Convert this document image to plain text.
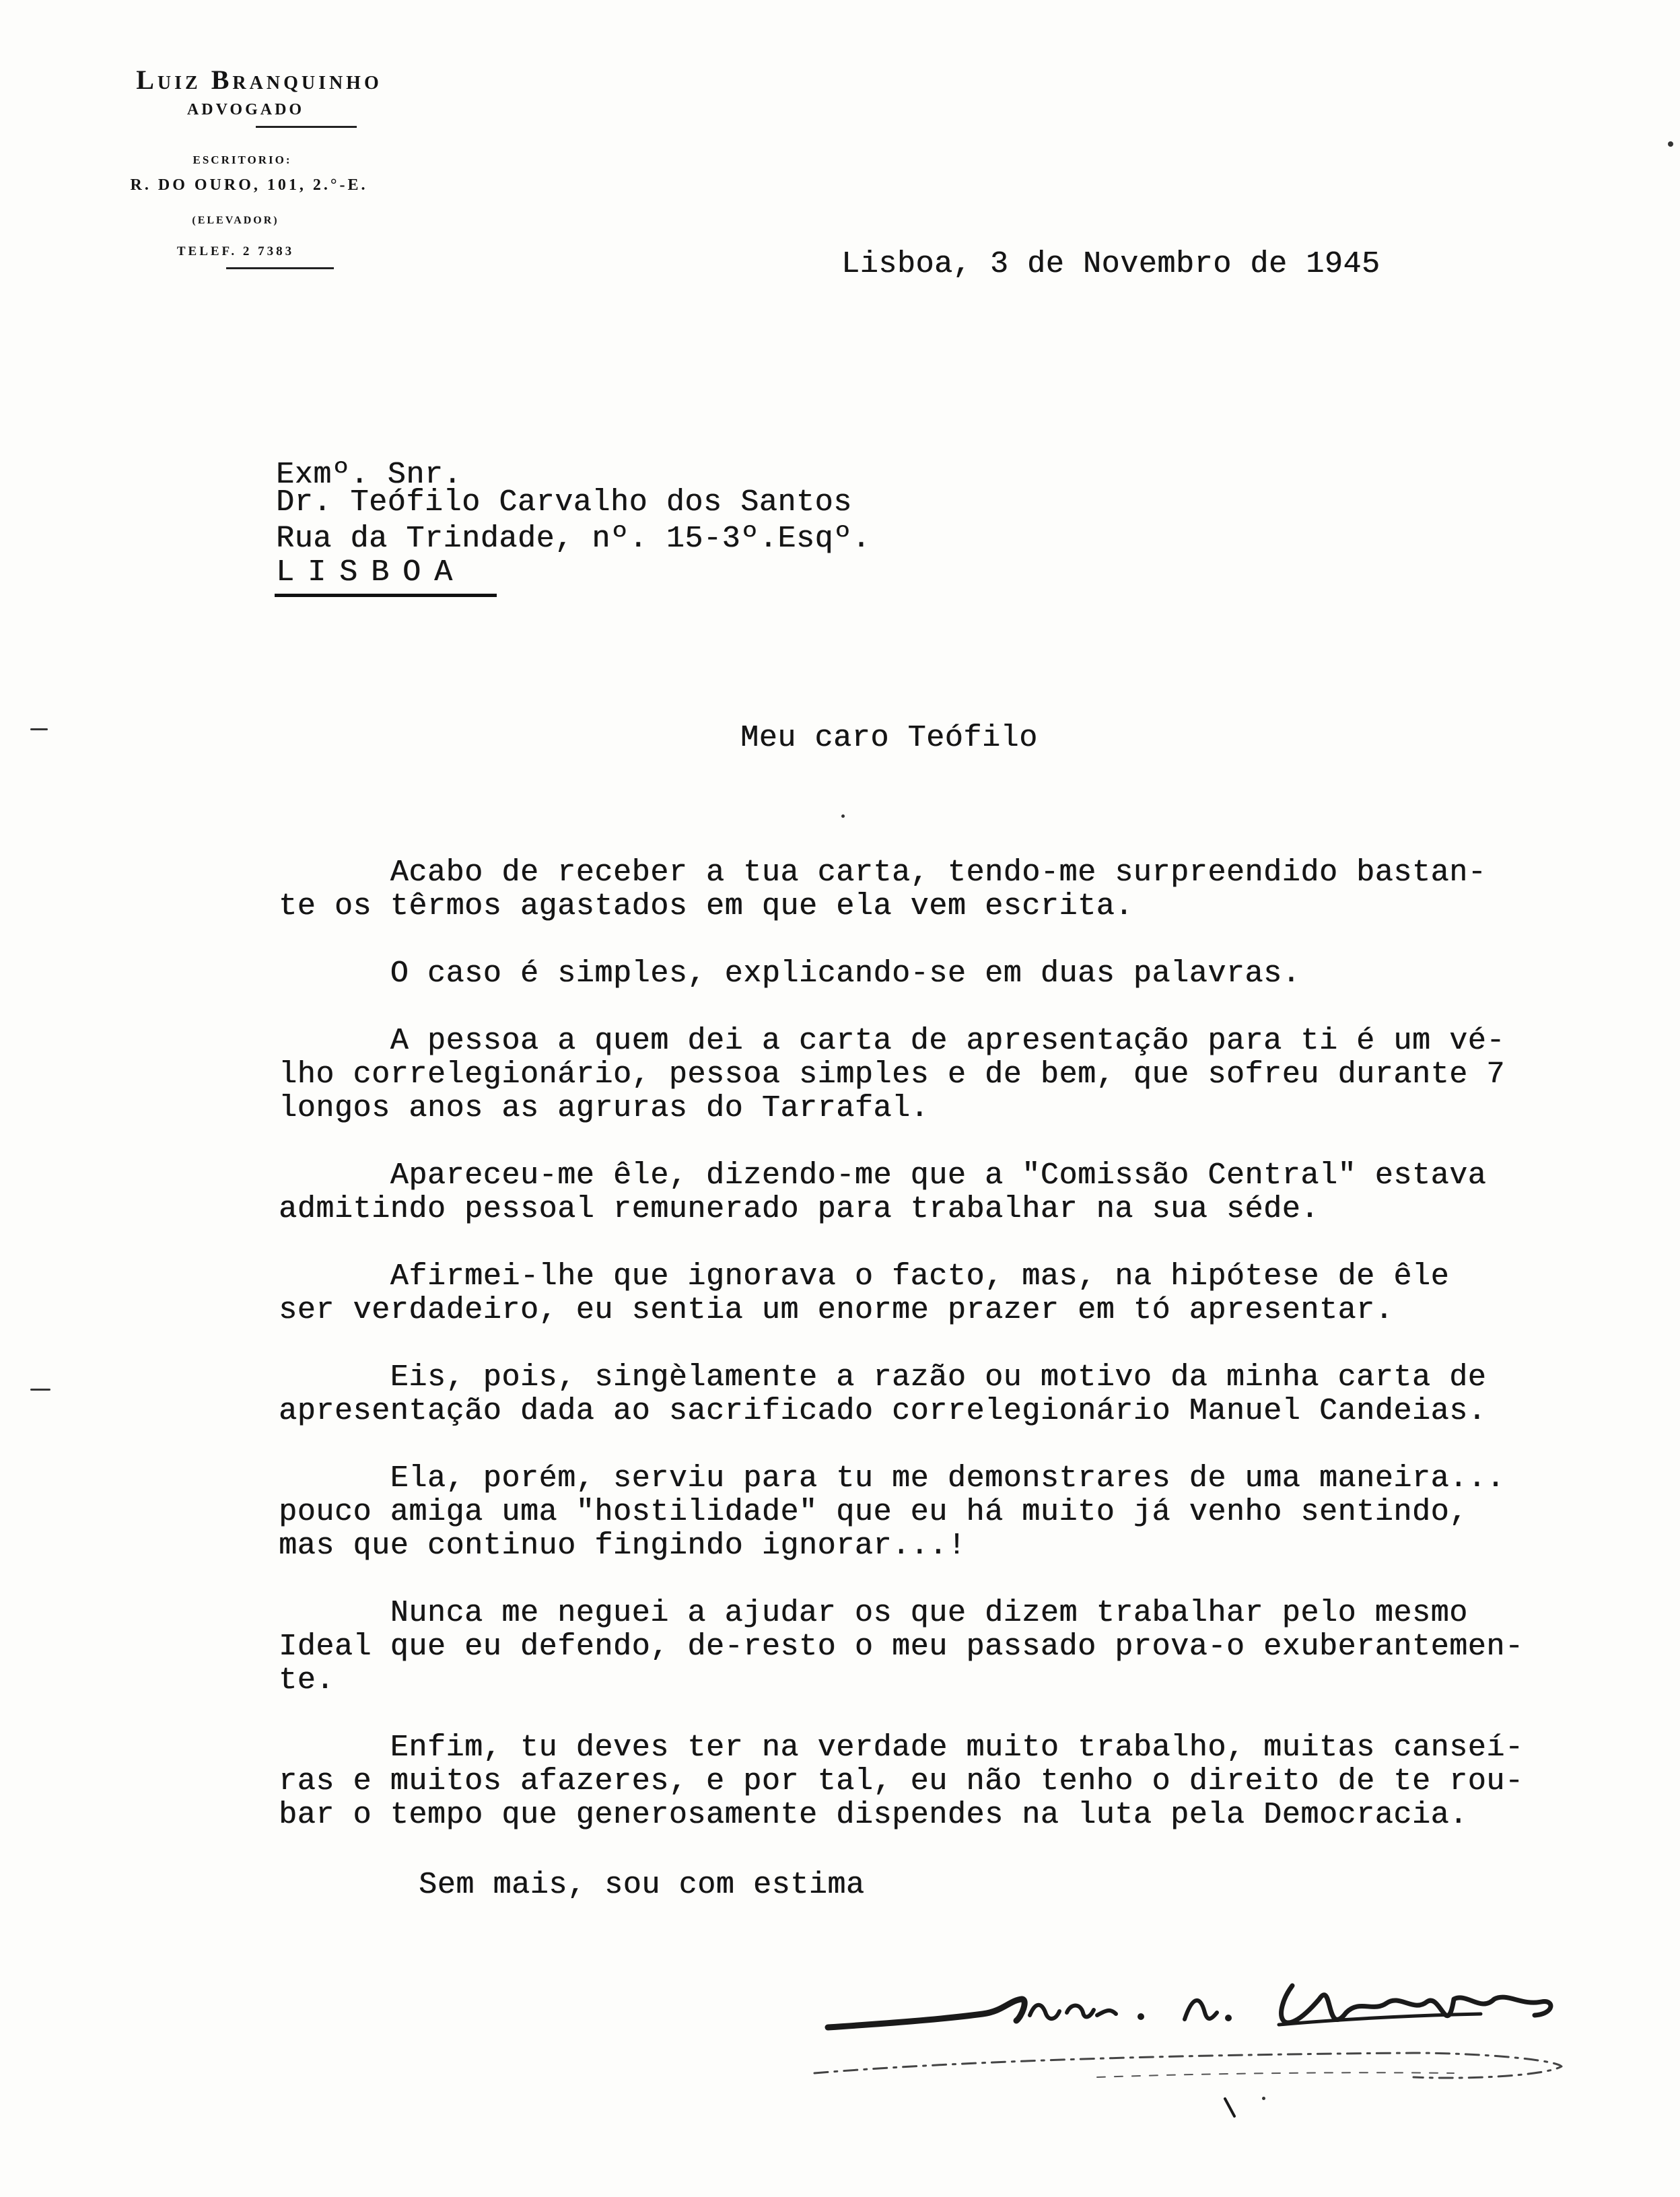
Luiz Branquinho
ADVOGADO
ESCRITORIO:
R. DO OURO, 101, 2.°-E.
(ELEVADOR)
TELEF. 2 7383	Lisboa, 3 de Novembro de 1945
Exmº. Snr.
Dr. Teófilo Carvalho dos Santos
Rua da Trindade, nº. 15-3º.Esqº.
LISBOA
Meu caro Teófilo

Acabo de receber a tua carta, tendo-me surpreendido bastan-
te os têrmos agastados em que ela vem escrita.

O caso é simples, explicando-se em duas palavras.

A pessoa a quem dei a carta de apresentação para ti é um vé-
lho correlegionário, pessoa simples e de bem, que sofreu durante 7
longos anos as agruras do Tarrafal.

Apareceu-me êle, dizendo-me que a "Comissão Central" estava
admitindo pessoal remunerado para trabalhar na sua séde.

Afirmei-lhe que ignorava o facto, mas, na hipótese de êle
ser verdadeiro, eu sentia um enorme prazer em tó apresentar.

Eis, pois, singèlamente a razão ou motivo da minha carta de
apresentação dada ao sacrificado correlegionário Manuel Candeias.

Ela, porém, serviu para tu me demonstrares de uma maneira...
pouco amiga uma "hostilidade" que eu há muito já venho sentindo,
mas que continuo fingindo ignorar...!

Nunca me neguei a ajudar os que dizem trabalhar pelo mesmo
Ideal que eu defendo, de-resto o meu passado prova-o exuberantemen-
te.

Enfim, tu deves ter na verdade muito trabalho, muitas canseí-
ras e muitos afazeres, e por tal, eu não tenho o direito de te rou-
bar o tempo que generosamente dispendes na luta pela Democracia.

Sem mais, sou com estima
